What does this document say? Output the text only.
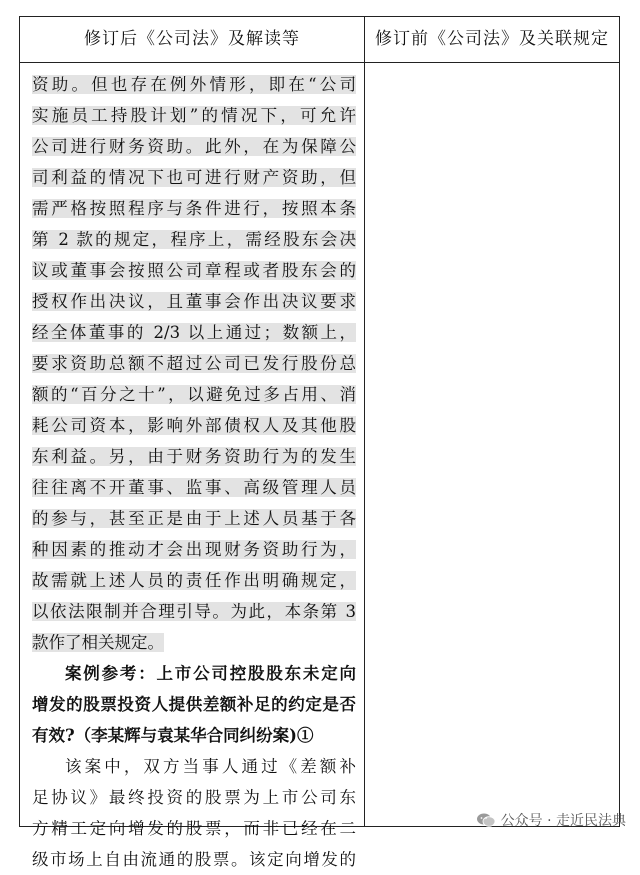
修订后《公司法》及解读等	修订前《公司法》及关联规定
资助。但也存在例外情形，即在“公司
实施员工持股计划”的情况下，可允许
公司进行财务资助。此外，在为保障公
司利益的情况下也可进行财产资助，但
需严格按照程序与条件进行，按照本条
第 2 款的规定，程序上，需经股东会决
议或董事会按照公司章程或者股东会的
授权作出决议，且董事会作出决议要求
经全体董事的 2/3 以上通过；数额上，
要求资助总额不超过公司已发行股份总
额的“百分之十”，以避免过多占用、消
耗公司资本，影响外部债权人及其他股
东利益。另，由于财务资助行为的发生
往往离不开董事、监事、高级管理人员
的参与，甚至正是由于上述人员基于各
种因素的推动才会出现财务资助行为，
故需就上述人员的责任作出明确规定，
以依法限制并合理引导。为此，本条第 3
款作了相关规定。
案例参考：上市公司控股股东未定向
增发的股票投资人提供差额补足的约定是否
有效?（李某辉与袁某华合同纠纷案)①
该案中，双方当事人通过《差额补
足协议》最终投资的股票为上市公司东
方精工定向增发的股票，而非已经在二
级市场上自由流通的股票。该定向增发的
公众号 · 走近民法典
